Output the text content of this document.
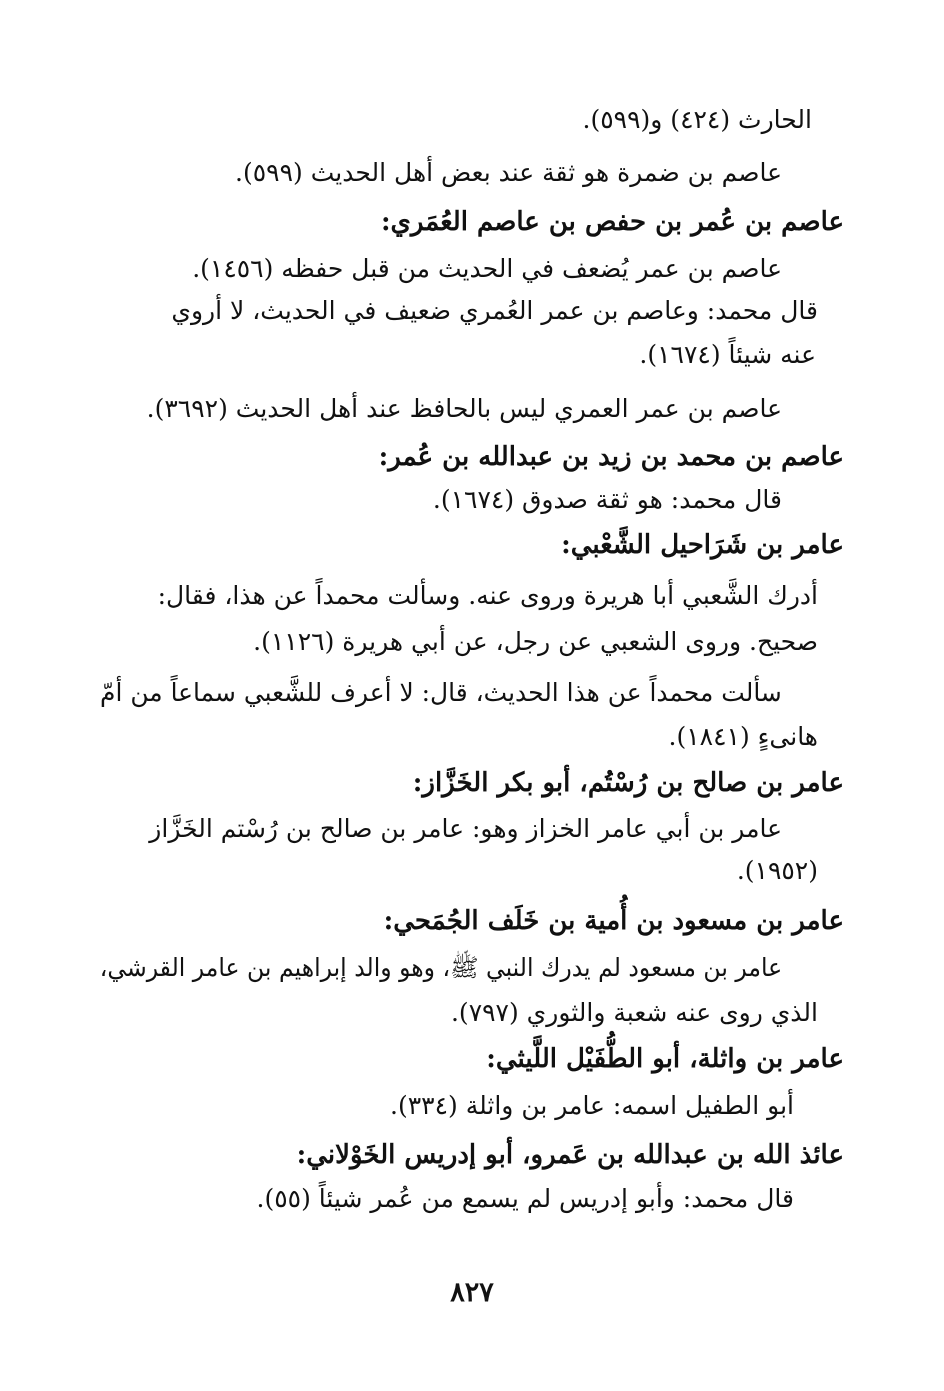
الحارث (٤٢٤) و(٥٩٩).
عاصم بن ضمرة هو ثقة عند بعض أهل الحديث (٥٩٩).
عاصم بن عُمر بن حفص بن عاصم العُمَري:
عاصم بن عمر يُضعف في الحديث من قبل حفظه (١٤٥٦).
قال محمد: وعاصم بن عمر العُمري ضعيف في الحديث، لا أروي
عنه شيئاً (١٦٧٤).
عاصم بن عمر العمري ليس بالحافظ عند أهل الحديث (٣٦٩٢).
عاصم بن محمد بن زيد بن عبدالله بن عُمر:
قال محمد: هو ثقة صدوق (١٦٧٤).
عامر بن شَرَاحيل الشَّعْبي:
أدرك الشَّعبي أبا هريرة وروى عنه. وسألت محمداً عن هذا، فقال:
صحيح. وروى الشعبي عن رجل، عن أبي هريرة (١١٢٦).
سألت محمداً عن هذا الحديث، قال: لا أعرف للشَّعبي سماعاً من أمّ
هانىءٍ (١٨٤١).
عامر بن صالح بن رُسْتُم، أبو بكر الخَزَّاز:
عامر بن أبي عامر الخزاز وهو: عامر بن صالح بن رُسْتم الخَزَّاز
(١٩٥٢).
عامر بن مسعود بن أُمية بن خَلَف الجُمَحي:
عامر بن مسعود لم يدرك النبي ﷺ، وهو والد إبراهيم بن عامر القرشي،
الذي روى عنه شعبة والثوري (٧٩٧).
عامر بن واثلة، أبو الطُّفَيْل اللَّيثي:
أبو الطفيل اسمه: عامر بن واثلة (٣٣٤).
عائذ الله بن عبدالله بن عَمرو، أبو إدريس الخَوْلاني:
قال محمد: وأبو إدريس لم يسمع من عُمر شيئاً (٥٥).
٨٢٧
